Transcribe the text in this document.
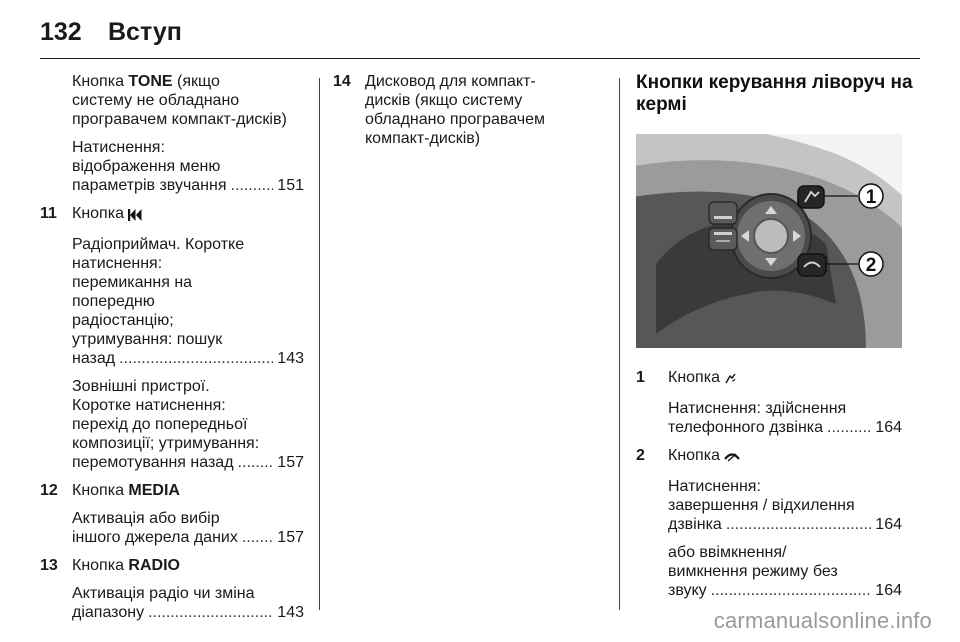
132 Вступ
Кнопка TONE (якщо
систему не обладнано
програвачем компакт-дисків)
Натиснення:
відображення меню
параметрів звучання .....	151
11 Кнопка
Радіоприймач. Коротке
натиснення:
перемикання на
попередню
радіостанцію;
утримування: пошук
назад .....	143
Зовнішні пристрої.
Коротке натиснення:
перехід до попередньої
композиції; утримування:
перемотування назад .....	157
12 Кнопка MEDIA
Активація або вибір
іншого джерела даних ..... 157
13 Кнопка RADIO
Активація радіо чи зміна
діапазону .....	143
14 Дисковод для компакт-
дисків (якщо систему
обладнано програвачем
компакт-дисків)
Кнопки керування ліворуч на
кермі
1
2
1 Кнопка
Натиснення: здійснення
телефонного дзвінка .....	164
2 Кнопка
Натиснення:
завершення / відхилення
дзвінка .....	164
або ввімкнення/
вимкнення режиму без
звуку .....	164
carmanualsonline.info
